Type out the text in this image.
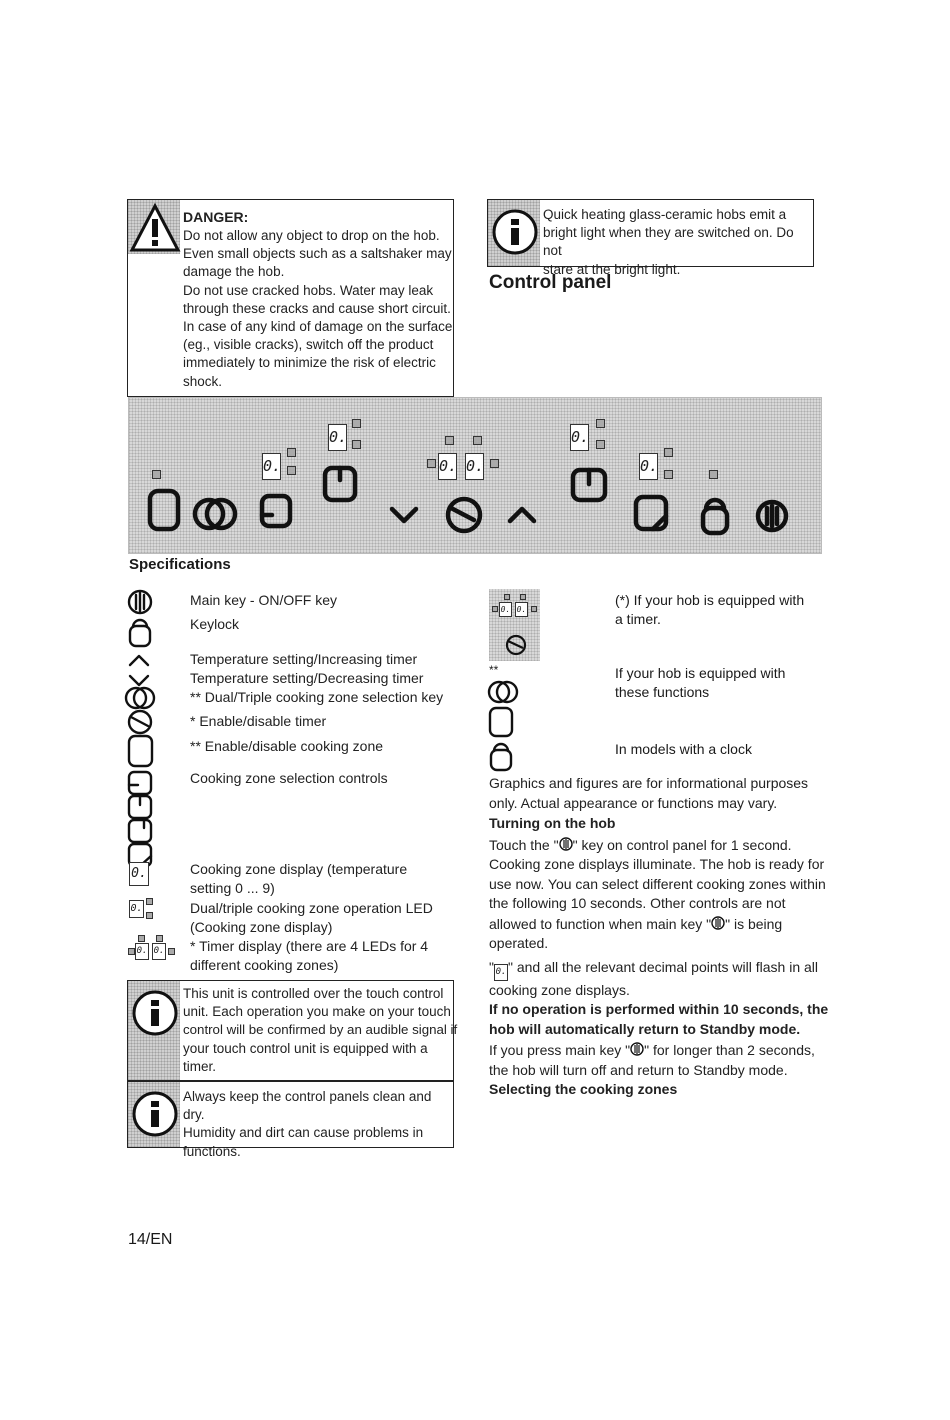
DANGER:
Do not allow any object to drop on the hob.
Even small objects such as a saltshaker may
damage the hob.
Do not use cracked hobs. Water may leak
through these cracks and cause short circuit.
In case of any kind of damage on the surface
(eg., visible cracks), switch off the product
immediately to minimize the risk of electric
shock.
Quick heating glass-ceramic hobs emit a
bright light when they are switched on. Do not
stare at the bright light.
Control panel
0.
0.
0. 0.
0.
0.
Specifications
0.
0.
0. 0.
Main key - ON/OFF key
Keylock
Temperature setting/Increasing timer
Temperature setting/Decreasing timer
** Dual/Triple cooking zone selection key
* Enable/disable timer
** Enable/disable cooking zone
Cooking zone selection controls
Cooking zone display (temperature
setting 0 ... 9)
Dual/triple cooking zone operation LED
(Cooking zone display)
* Timer display (there are 4 LEDs for 4
different cooking zones)
This unit is controlled over the touch control
unit. Each operation you make on your touch
control will be confirmed by an audible signal if
your touch control unit is equipped with a
timer.
Always keep the control panels clean and dry.
Humidity and dirt can cause problems in
functions.
0. 0.
**
(*) If your hob is equipped with
a timer.
If your hob is equipped with
these functions
In models with a clock
Graphics and figures are for informational purposes
only. Actual appearance or functions may vary.
Turning on the hob
Touch the " " key on control panel for 1 second.
Cooking zone displays illuminate. The hob is ready for
use now. You can select different cooking zones within
the following 10 seconds. Other controls are not
allowed to function when main key " " is being
operated.
" 0. " and all the relevant decimal points will flash in all
cooking zone displays.
If no operation is performed within 10 seconds, the
hob will automatically return to Standby mode.
If you press main key " " for longer than 2 seconds,
the hob will turn off and return to Standby mode.
Selecting the cooking zones
14/EN
